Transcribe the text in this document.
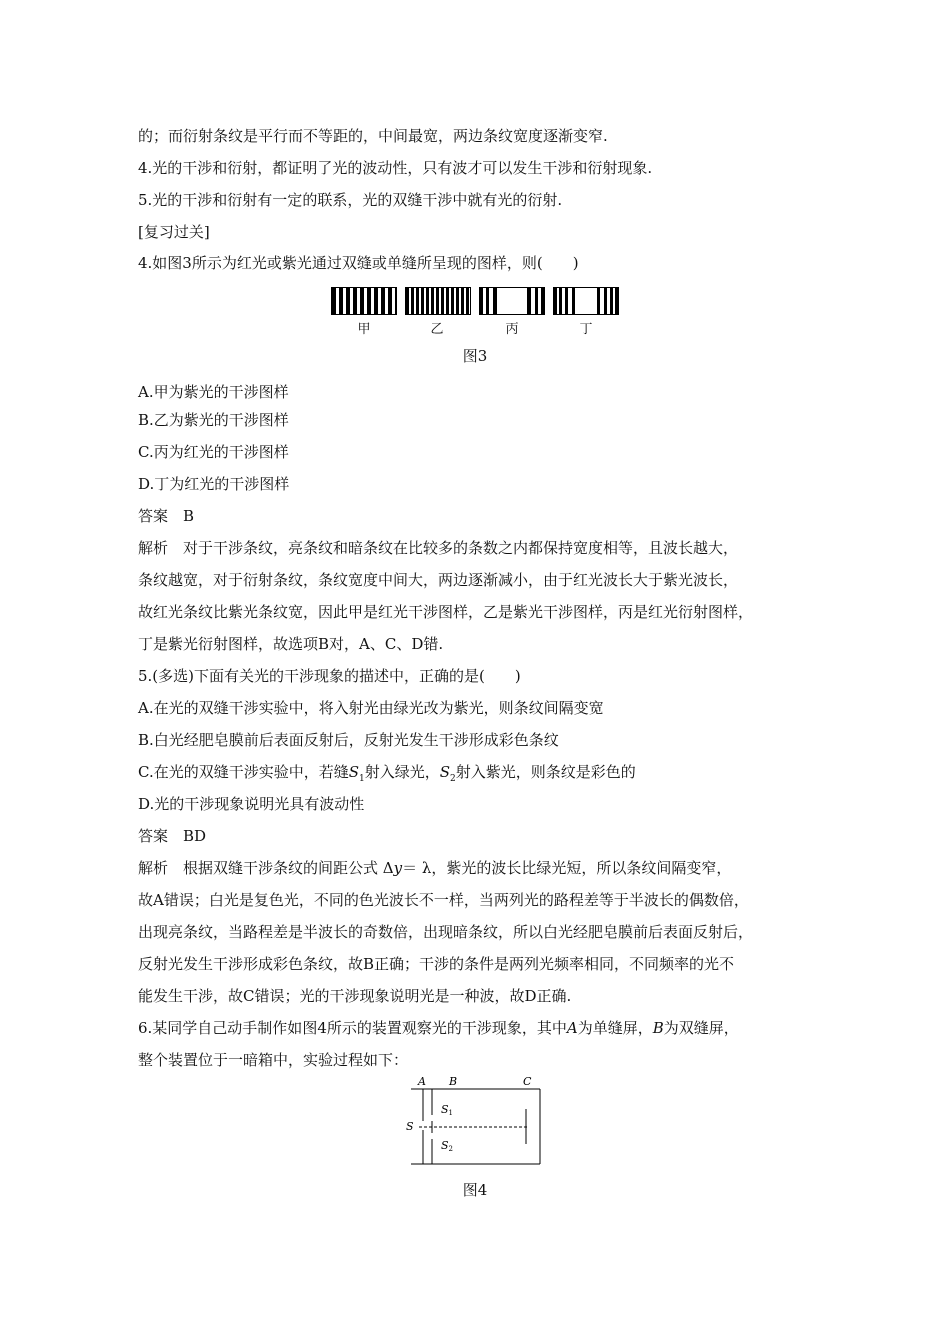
的；而衍射条纹是平行而不等距的，中间最宽，两边条纹宽度逐渐变窄.
4.光的干涉和衍射，都证明了光的波动性，只有波才可以发生干涉和衍射现象.
5.光的干涉和衍射有一定的联系，光的双缝干涉中就有光的衍射.
[复习过关]
4.如图3所示为红光或紫光通过双缝或单缝所呈现的图样，则(　　)
甲	乙	丙	丁
图3
A.甲为紫光的干涉图样
B.乙为紫光的干涉图样
C.丙为红光的干涉图样
D.丁为红光的干涉图样
答案　B
解析　对于干涉条纹，亮条纹和暗条纹在比较多的条数之内都保持宽度相等，且波长越大，
条纹越宽，对于衍射条纹，条纹宽度中间大，两边逐渐减小，由于红光波长大于紫光波长，
故红光条纹比紫光条纹宽，因此甲是红光干涉图样，乙是紫光干涉图样，丙是红光衍射图样，
丁是紫光衍射图样，故选项B对，A、C、D错.
5.(多选)下面有关光的干涉现象的描述中，正确的是(　　)
A.在光的双缝干涉实验中，将入射光由绿光改为紫光，则条纹间隔变宽
B.白光经肥皂膜前后表面反射后，反射光发生干涉形成彩色条纹
C.在光的双缝干涉实验中，若缝$S_1$射入绿光，$S_2$射入紫光，则条纹是彩色的
D.光的干涉现象说明光具有波动性
答案　BD
解析　根据双缝干涉条纹的间距公式 Δy＝ λ，紫光的波长比绿光短，所以条纹间隔变窄，
故A错误；白光是复色光，不同的色光波长不一样，当两列光的路程差等于半波长的偶数倍，
出现亮条纹，当路程差是半波长的奇数倍，出现暗条纹，所以白光经肥皂膜前后表面反射后，
反射光发生干涉形成彩色条纹，故B正确；干涉的条件是两列光频率相同，不同频率的光不
能发生干涉，故C错误；光的干涉现象说明光是一种波，故D正确.
6.某同学自己动手制作如图4所示的装置观察光的干涉现象，其中A为单缝屏，B为双缝屏，
整个装置位于一暗箱中，实验过程如下：
A B	C
S
S1
S2
图4
